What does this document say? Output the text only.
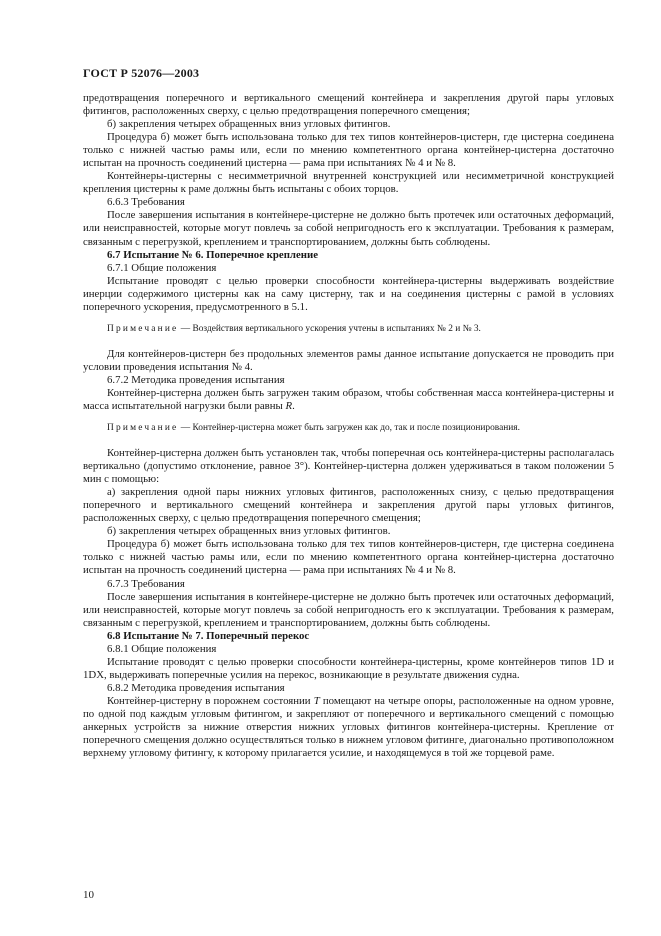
ГОСТ Р 52076—2003

предотвращения поперечного и вертикального смещений контейнера и закрепления другой пары угловых фитингов, расположенных сверху, с целью предотвращения поперечного смещения;

б) закрепления четырех обращенных вниз угловых фитингов.

Процедура б) может быть использована только для тех типов контейнеров-цистерн, где цистерна соединена только с нижней частью рамы или, если по мнению компетентного органа контейнер-цистерна достаточно испытан на прочность соединений цистерна — рама при испытаниях № 4 и № 8.

Контейнеры-цистерны с несимметричной внутренней конструкцией или несимметричной конструкцией крепления цистерны к раме должны быть испытаны с обоих торцов.

6.6.3 Требования

После завершения испытания в контейнере-цистерне не должно быть протечек или остаточных деформаций, или неисправностей, которые могут повлечь за собой непригодность его к эксплуатации. Требования к размерам, связанным с перегрузкой, креплением и транспортированием, должны быть соблюдены.

6.7 Испытание № 6. Поперечное крепление

6.7.1 Общие положения

Испытание проводят с целью проверки способности контейнера-цистерны выдерживать воздействие инерции содержимого цистерны как на саму цистерну, так и на соединения цистерны с рамой в условиях поперечного ускорения, предусмотренного в 5.1.

Примечание — Воздействия вертикального ускорения учтены в испытаниях № 2 и № 3.

Для контейнеров-цистерн без продольных элементов рамы данное испытание допускается не проводить при условии проведения испытания № 4.

6.7.2 Методика проведения испытания

Контейнер-цистерна должен быть загружен таким образом, чтобы собственная масса контейнера-цистерны и масса испытательной нагрузки были равны R.

Примечание — Контейнер-цистерна может быть загружен как до, так и после позиционирования.

Контейнер-цистерна должен быть установлен так, чтобы поперечная ось контейнера-цистерны располагалась вертикально (допустимо отклонение, равное 3°). Контейнер-цистерна должен удерживаться в таком положении 5 мин с помощью:

а) закрепления одной пары нижних угловых фитингов, расположенных снизу, с целью предотвращения поперечного и вертикального смещений контейнера и закрепления другой пары угловых фитингов, расположенных сверху, с целью предотвращения поперечного смещения;

б) закрепления четырех обращенных вниз угловых фитингов.

Процедура б) может быть использована только для тех типов контейнеров-цистерн, где цистерна соединена только с нижней частью рамы или, если по мнению компетентного органа контейнер-цистерна достаточно испытан на прочность соединений цистерна — рама при испытаниях № 4 и № 8.

6.7.3 Требования

После завершения испытания в контейнере-цистерне не должно быть протечек или остаточных деформаций, или неисправностей, которые могут повлечь за собой непригодность его к эксплуатации. Требования к размерам, связанным с перегрузкой, креплением и транспортированием, должны быть соблюдены.

6.8 Испытание № 7. Поперечный перекос

6.8.1 Общие положения

Испытание проводят с целью проверки способности контейнера-цистерны, кроме контейнеров типов 1D и 1DX, выдерживать поперечные усилия на перекос, возникающие в результате движения судна.

6.8.2 Методика проведения испытания

Контейнер-цистерну в порожнем состоянии T помещают на четыре опоры, расположенные на одном уровне, по одной под каждым угловым фитингом, и закрепляют от поперечного и вертикального смещений с помощью анкерных устройств за нижние отверстия нижних угловых фитингов контейнера-цистерны. Крепление от поперечного смещения должно осуществляться только в нижнем угловом фитинге, диагонально противоположном верхнему угловому фитингу, к которому прилагается усилие, и находящемуся в той же торцевой раме.

10
